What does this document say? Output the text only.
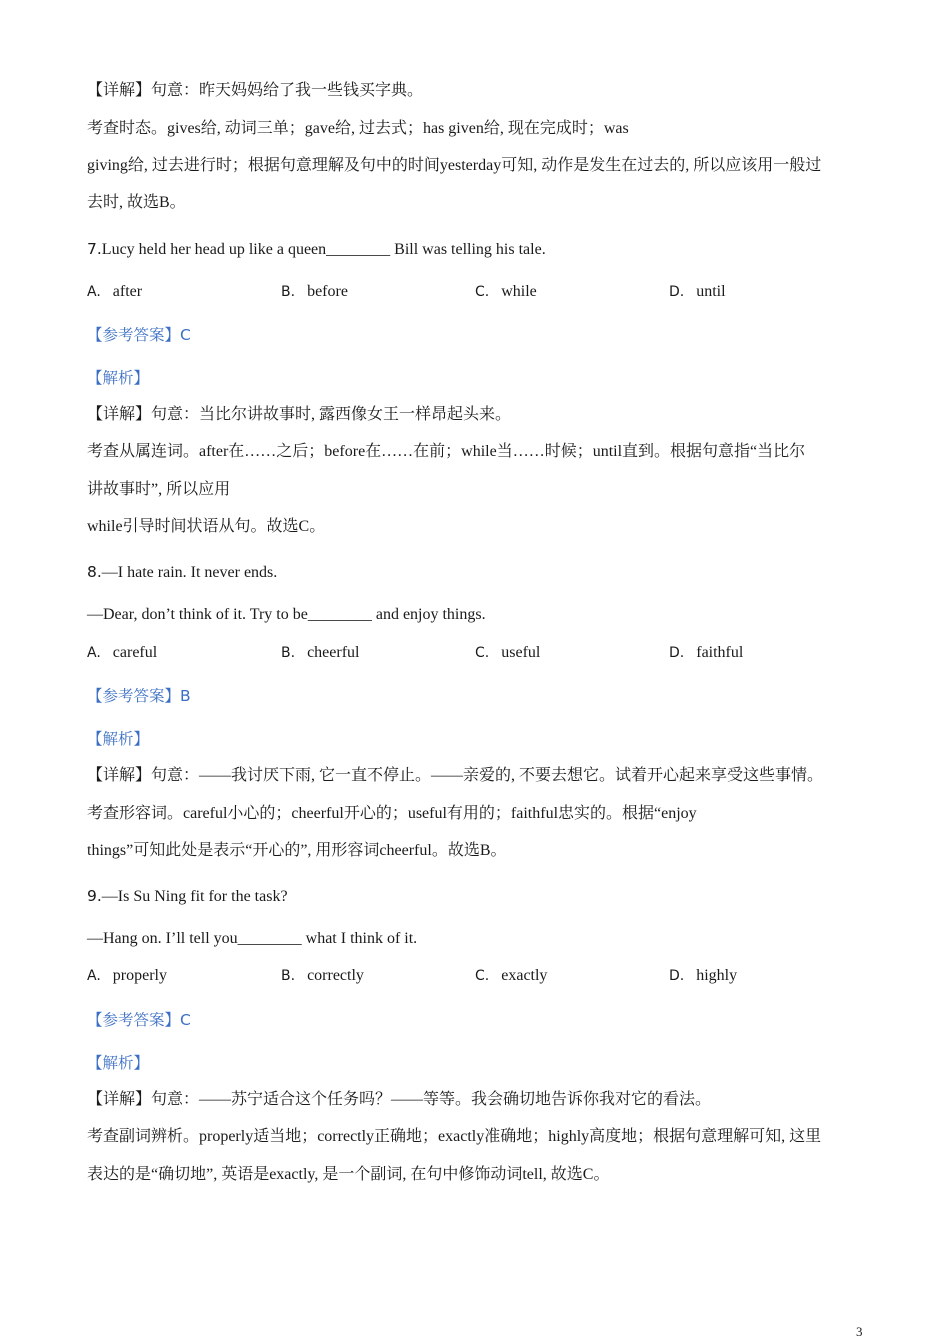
【详解】句意：昨天妈妈给了我一些钱买字典。
考查时态。gives给, 动词三单；gave给, 过去式；has given给, 现在完成时；was
giving给, 过去进行时；根据句意理解及句中的时间yesterday可知, 动作是发生在过去的, 所以应该用一般过
去时, 故选B。
7.Lucy held her head up like a queen________ Bill was telling his tale.
A. after	B. before	C. while	D. until
【参考答案】C
【解析】
【详解】句意：当比尔讲故事时, 露西像女王一样昂起头来。
考查从属连词。after在……之后；before在……在前；while当……时候；until直到。根据句意指“当比尔
讲故事时”, 所以应用
while引导时间状语从句。故选C。
8.—I hate rain. It never ends.
—Dear, don’t think of it. Try to be________ and enjoy things.
A. careful	B. cheerful	C. useful	D. faithful
【参考答案】B
【解析】
【详解】句意：——我讨厌下雨, 它一直不停止。——亲爱的, 不要去想它。试着开心起来享受这些事情。
考查形容词。careful小心的；cheerful开心的；useful有用的；faithful忠实的。根据“enjoy
things”可知此处是表示“开心的”, 用形容词cheerful。故选B。
9.—Is Su Ning fit for the task?
—Hang on. I’ll tell you________ what I think of it.
A. properly	B. correctly	C. exactly	D. highly
【参考答案】C
【解析】
【详解】句意：——苏宁适合这个任务吗？——等等。我会确切地告诉你我对它的看法。
考查副词辨析。properly适当地；correctly正确地；exactly准确地；highly高度地；根据句意理解可知, 这里
表达的是“确切地”, 英语是exactly, 是一个副词, 在句中修饰动词tell, 故选C。
3
